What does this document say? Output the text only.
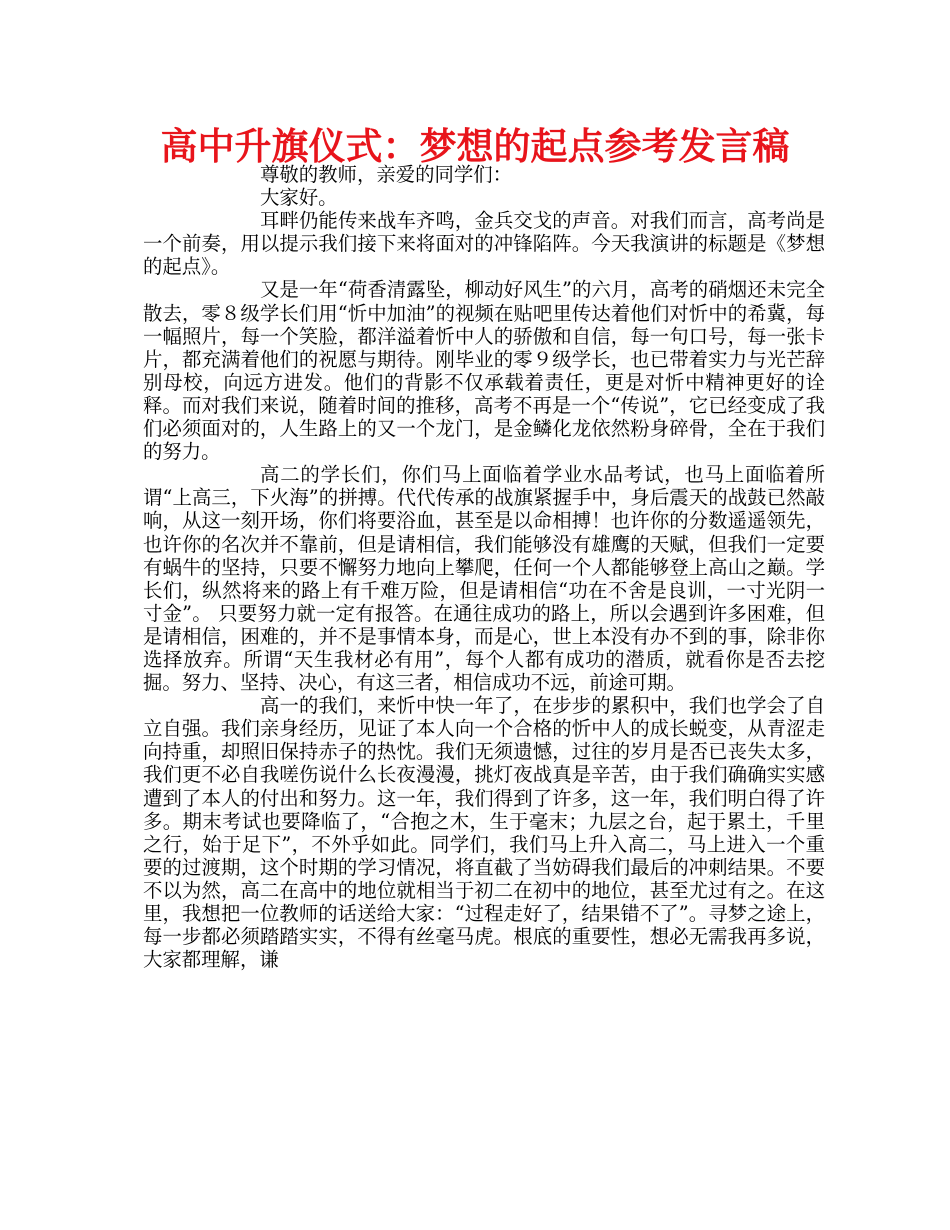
高中升旗仪式：梦想的起点参考发言稿

尊敬的教师，亲爱的同学们：

大家好。

耳畔仍能传来战车齐鸣，金兵交戈的声音。对我们而言，高考尚是一个前奏，用以提示我们接下来将面对的冲锋陷阵。今天我演讲的标题是《梦想的起点》。

又是一年“荷香清露坠，柳动好风生”的六月，高考的硝烟还未完全散去，零８级学长们用“忻中加油”的视频在贴吧里传达着他们对忻中的希冀，每一幅照片，每一个笑脸，都洋溢着忻中人的骄傲和自信，每一句口号，每一张卡片，都充满着他们的祝愿与期待。刚毕业的零９级学长，也已带着实力与光芒辞别母校，向远方进发。他们的背影不仅承载着责任，更是对忻中精神更好的诠释。而对我们来说，随着时间的推移，高考不再是一个“传说”，它已经变成了我们必须面对的，人生路上的又一个龙门，是金鳞化龙依然粉身碎骨，全在于我们的努力。

高二的学长们，你们马上面临着学业水品考试，也马上面临着所谓“上高三，下火海”的拼搏。代代传承的战旗紧握手中，身后震天的战鼓已然敲响，从这一刻开场，你们将要浴血，甚至是以命相搏！也许你的分数遥遥领先，也许你的名次并不靠前，但是请相信，我们能够没有雄鹰的天赋，但我们一定要有蜗牛的坚持，只要不懈努力地向上攀爬，任何一个人都能够登上高山之巅。学长们，纵然将来的路上有千难万险，但是请相信“功在不舍是良训，一寸光阴一寸金”。 只要努力就一定有报答。在通往成功的路上，所以会遇到许多困难，但是请相信，困难的，并不是事情本身，而是心，世上本没有办不到的事，除非你选择放弃。所谓“天生我材必有用”，每个人都有成功的潜质，就看你是否去挖掘。努力、坚持、决心，有这三者，相信成功不远，前途可期。

高一的我们，来忻中快一年了，在步步的累积中，我们也学会了自立自强。我们亲身经历，见证了本人向一个合格的忻中人的成长蜕变，从青涩走向持重，却照旧保持赤子的热忱。我们无须遗憾，过往的岁月是否已丧失太多，我们更不必自我嗟伤说什么长夜漫漫，挑灯夜战真是辛苦，由于我们确确实实感遭到了本人的付出和努力。这一年，我们得到了许多，这一年，我们明白得了许多。期末考试也要降临了，“合抱之木，生于毫末；九层之台，起于累土，千里之行，始于足下”，不外乎如此。同学们，我们马上升入高二，马上进入一个重要的过渡期，这个时期的学习情况，将直截了当妨碍我们最后的冲刺结果。不要不以为然，高二在高中的地位就相当于初二在初中的地位，甚至尤过有之。在这里，我想把一位教师的话送给大家：“过程走好了，结果错不了”。寻梦之途上，每一步都必须踏踏实实，不得有丝毫马虎。根底的重要性，想必无需我再多说，大家都理解，谦
